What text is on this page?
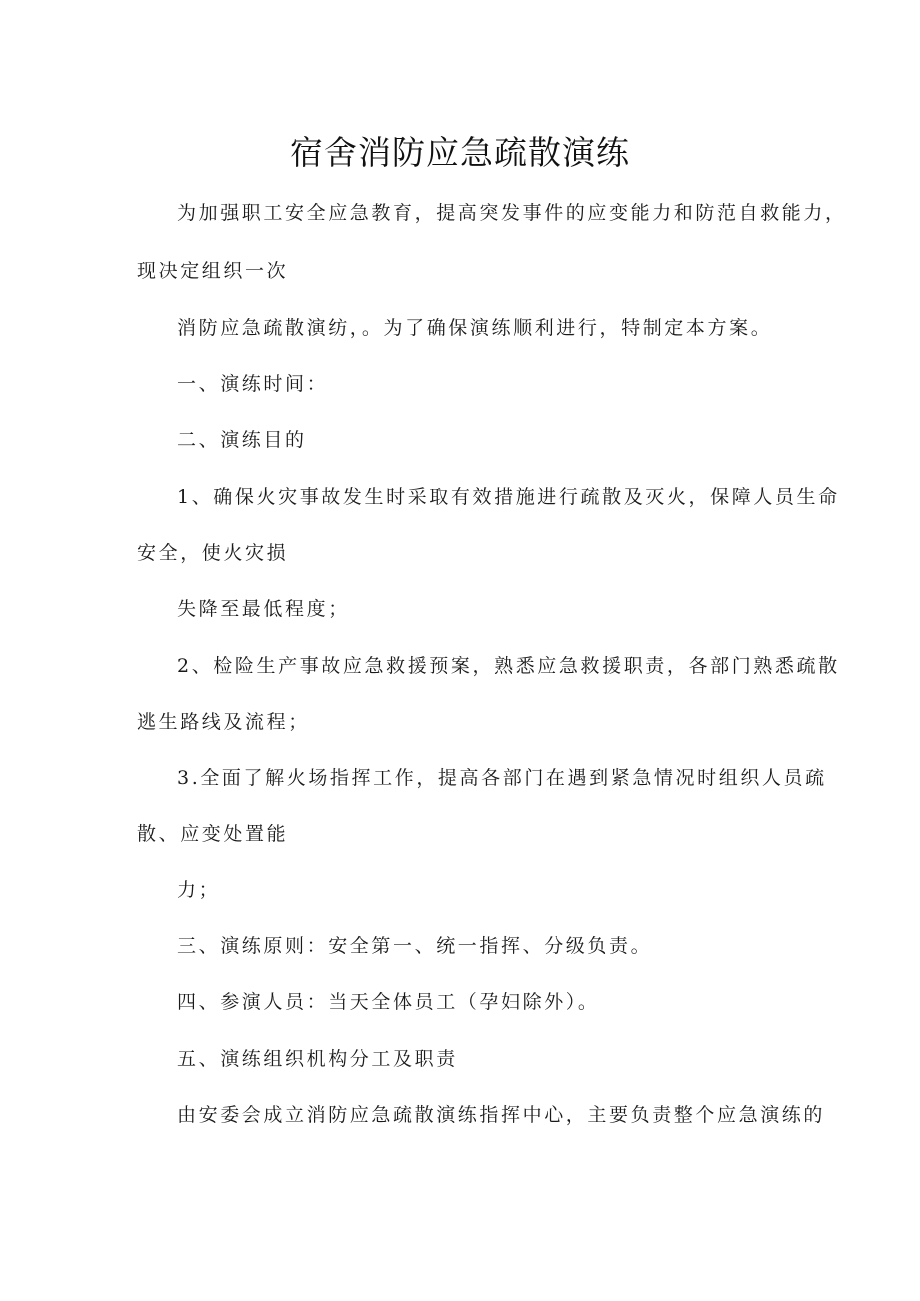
宿舍消防应急疏散演练

为加强职工安全应急教育，提高突发事件的应变能力和防范自救能力，

现决定组织一次

消防应急疏散演纺，。为了确保演练顺利进行，特制定本方案。

一、演练时间：

二、演练目的

1、确保火灾事故发生时采取有效措施进行疏散及灭火，保障人员生命

安全，使火灾损

失降至最低程度；

2、检险生产事故应急救援预案，熟悉应急救援职责，各部门熟悉疏散

逃生路线及流程；

3.全面了解火场指挥工作，提高各部门在遇到紧急情况时组织人员疏

散、应变处置能

力；

三、演练原则：安全第一、统一指挥、分级负责。

四、参演人员：当天全体员工（孕妇除外）。

五、演练组织机构分工及职责

由安委会成立消防应急疏散演练指挥中心，主要负责整个应急演练的
